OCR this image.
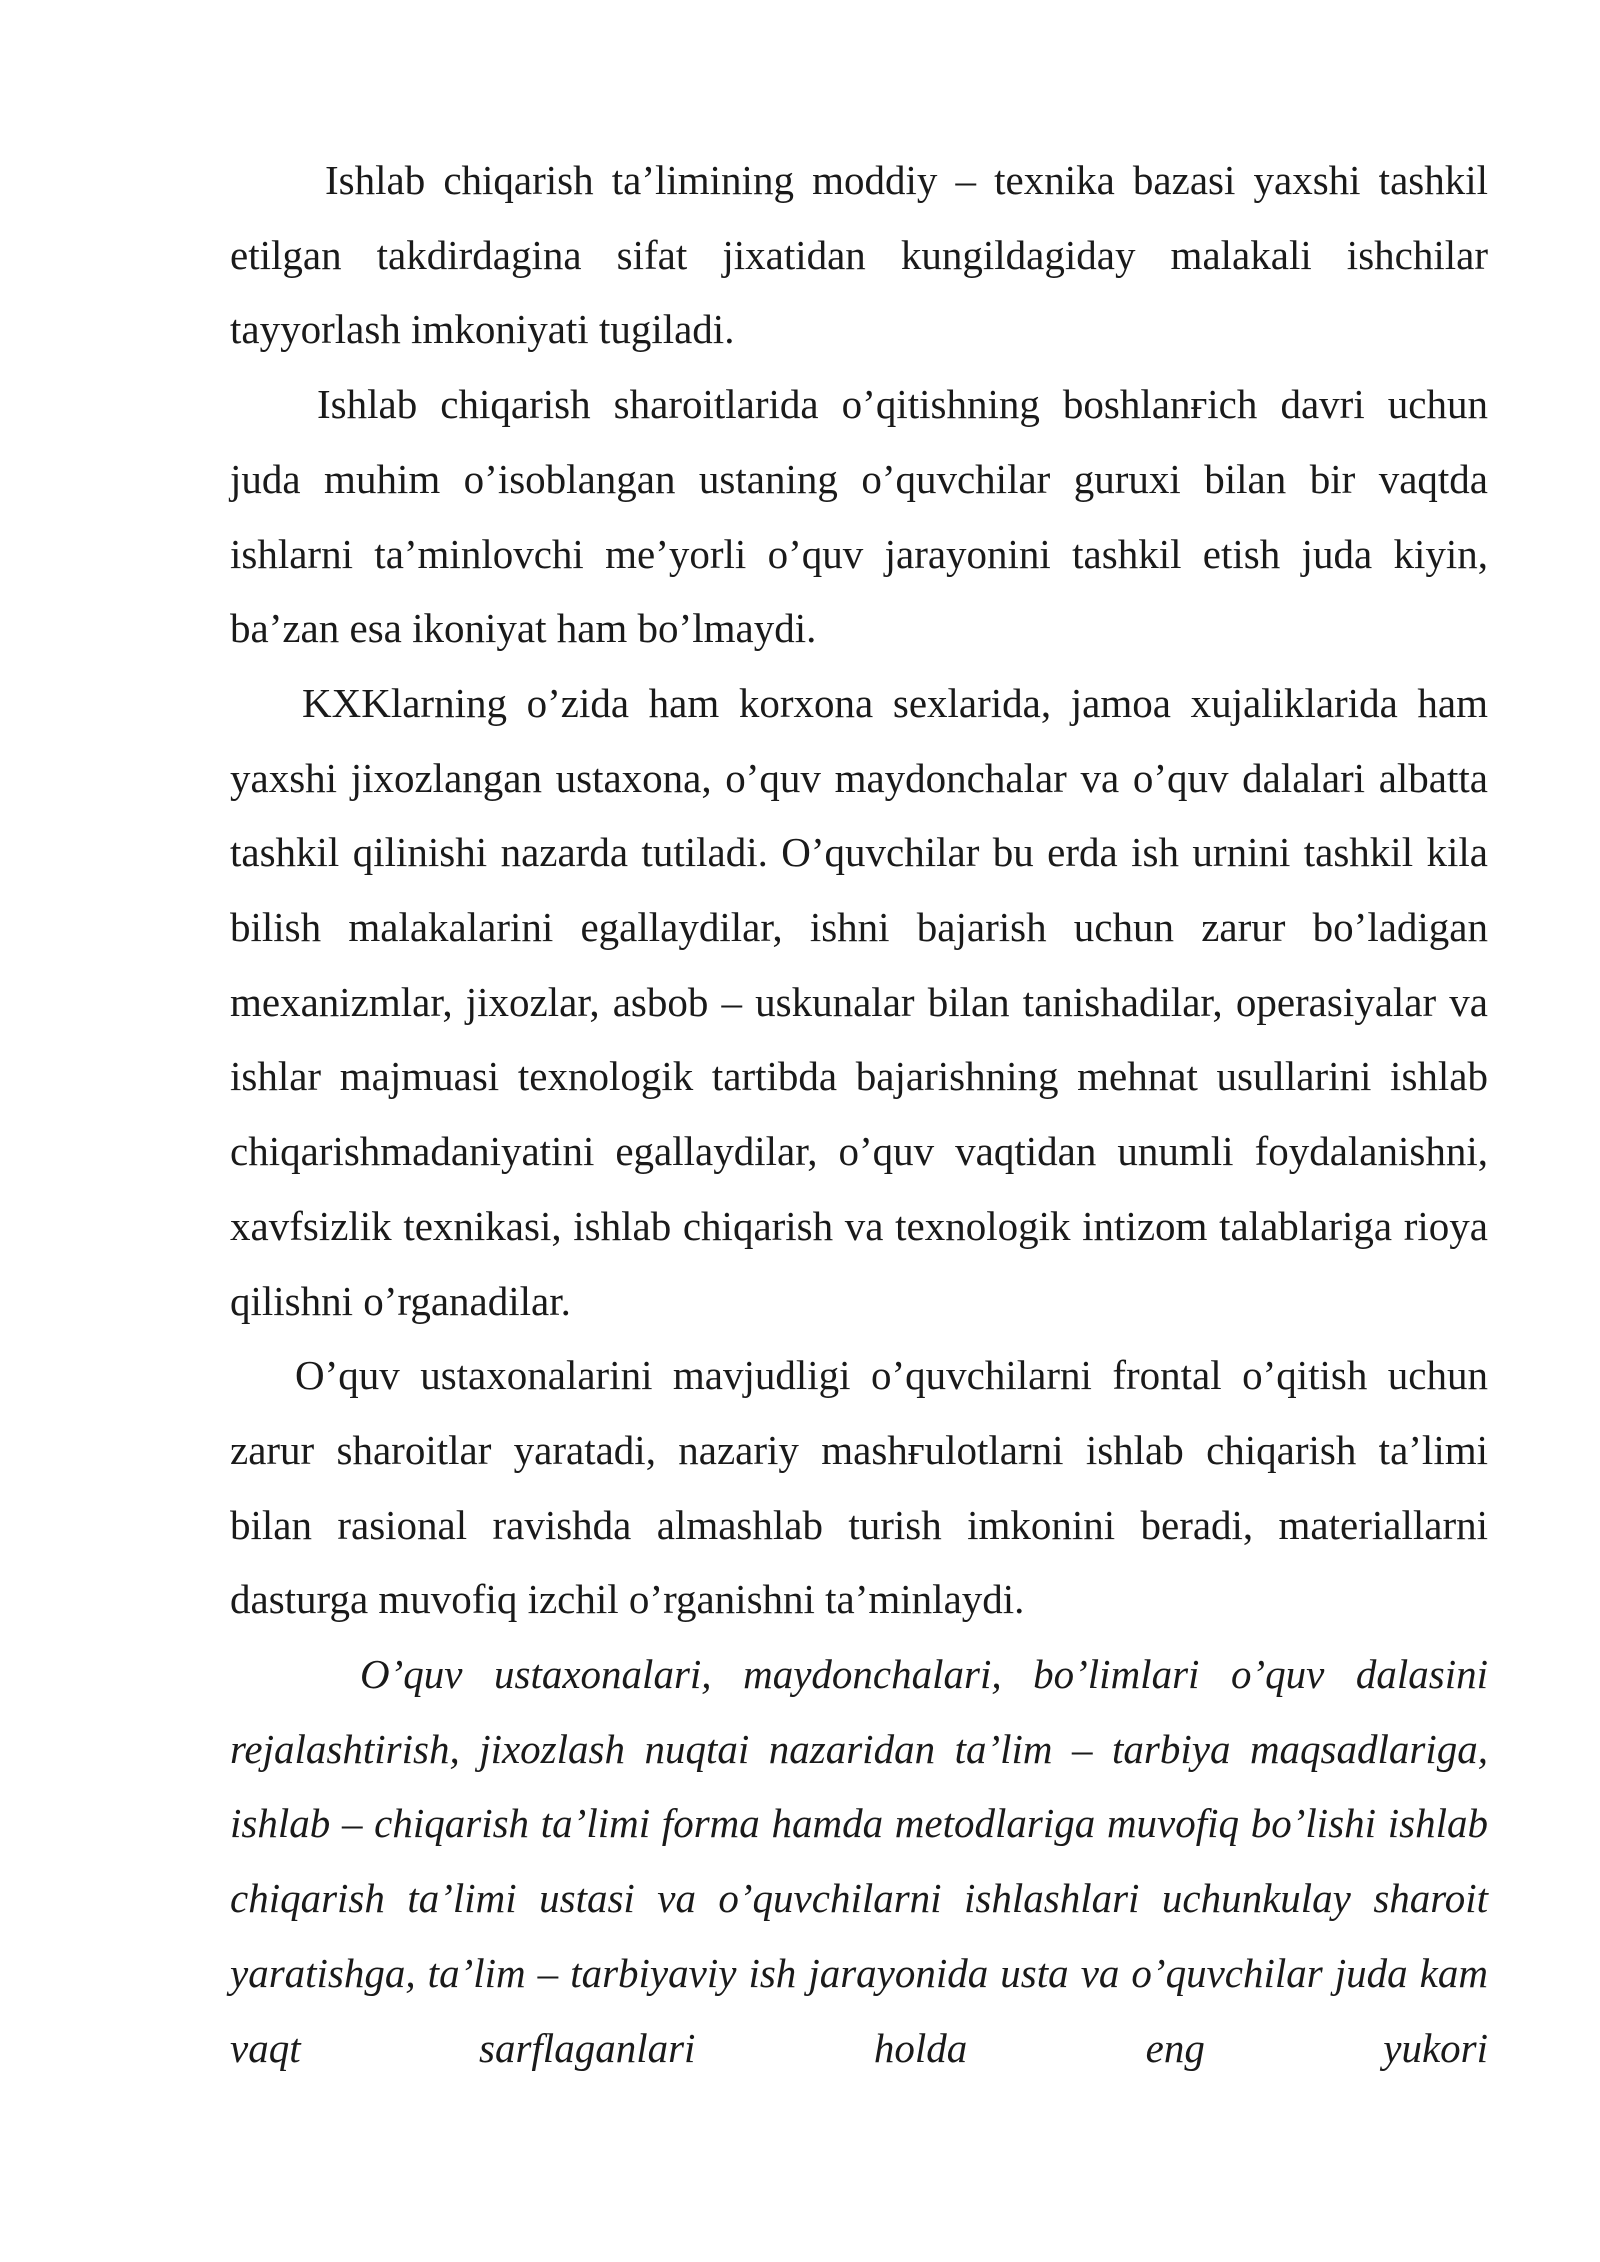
Ishlab chiqarish ta’limining moddiy – texnika bazasi yaxshi tashkil etilgan takdirdagina sifat jixatidan kungildagiday malakali ishchilar tayyorlash imkoniyati tugiladi.

Ishlab chiqarish sharoitlarida o’qitishning boshlanғich davri uchun juda muhim o’isoblangan ustaning o’quvchilar guruxi bilan bir vaqtda ishlarni ta’minlovchi me’yorli o’quv jarayonini tashkil etish juda kiyin, ba’zan esa ikoniyat ham bo’lmaydi.

KXKlarning o’zida ham korxona sexlarida, jamoa xujaliklarida ham yaxshi jixozlangan ustaxona, o’quv maydonchalar va o’quv dalalari albatta tashkil qilinishi nazarda tutiladi. O’quvchilar bu erda ish urnini tashkil kila bilish malakalarini egallaydilar, ishni bajarish uchun zarur bo’ladigan mexanizmlar, jixozlar, asbob – uskunalar bilan tanishadilar, operasiyalar va ishlar majmuasi texnologik tartibda bajarishning mehnat usullarini ishlab chiqarishmadaniyatini egallaydilar, o’quv vaqtidan unumli foydalanishni, xavfsizlik texnikasi, ishlab chiqarish va texnologik intizom talablariga rioya qilishni o’rganadilar.

O’quv ustaxonalarini mavjudligi o’quvchilarni frontal o’qitish uchun zarur sharoitlar yaratadi, nazariy mashғulotlarni ishlab chiqarish ta’limi bilan rasional ravishda almashlab turish imkonini beradi, materiallarni dasturga muvofiq izchil o’rganishni ta’minlaydi.

O’quv ustaxonalari, maydonchalari, bo’limlari o’quv dalasini rejalashtirish, jixozlash nuqtai nazaridan ta’lim – tarbiya maqsadlariga, ishlab – chiqarish ta’limi forma hamda metodlariga muvofiq bo’lishi ishlab chiqarish ta’limi ustasi va o’quvchilarni ishlashlari uchunkulay sharoit yaratishga, ta’lim – tarbiyaviy ish jarayonida usta va o’quvchilar juda kam vaqt sarflaganlari holda eng yukori
